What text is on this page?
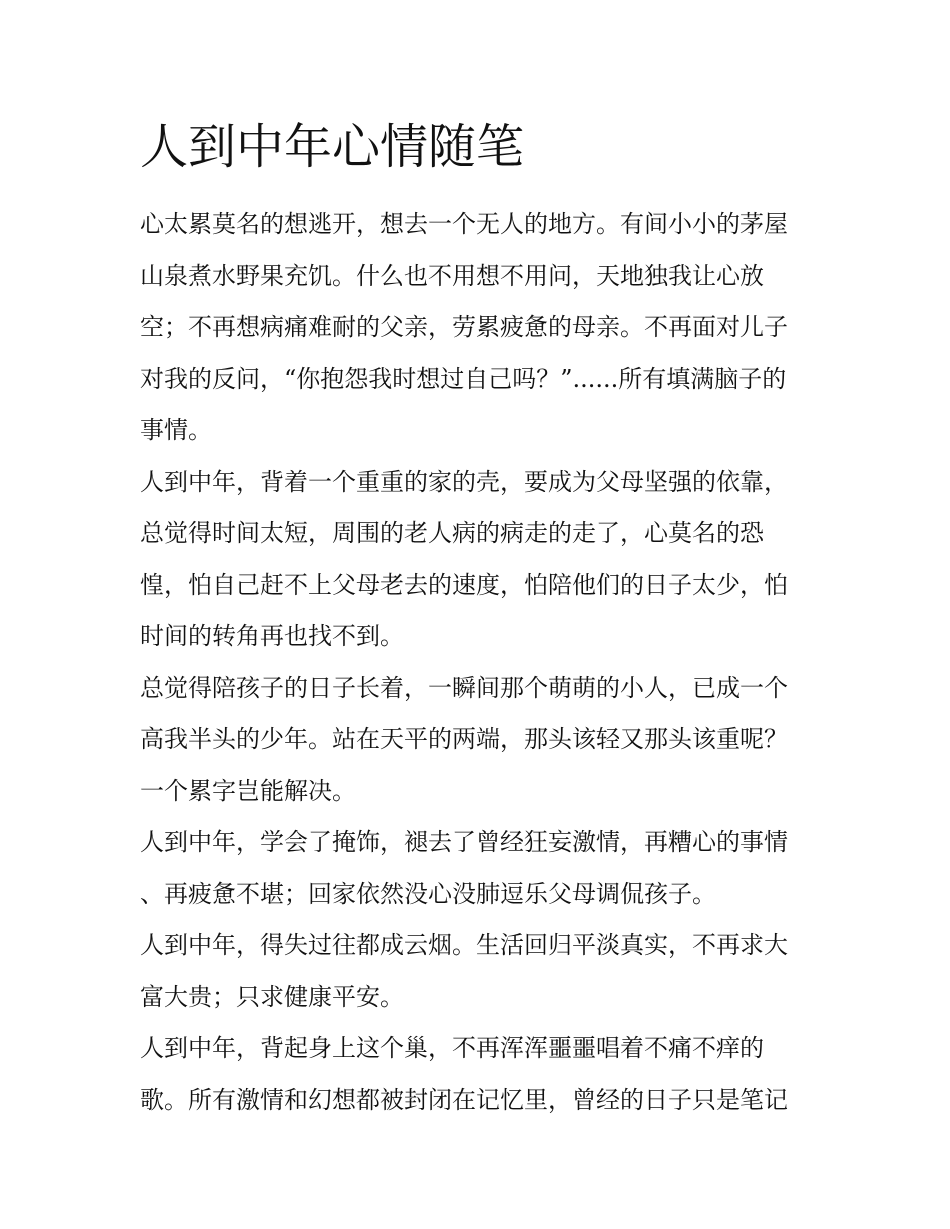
人到中年心情随笔
心太累莫名的想逃开，想去一个无人的地方。有间小小的茅屋
山泉煮水野果充饥。什么也不用想不用问，天地独我让心放
空；不再想病痛难耐的父亲，劳累疲惫的母亲。不再面对儿子
对我的反问，“你抱怨我时想过自己吗？”......所有填满脑子的
事情。
人到中年，背着一个重重的家的壳，要成为父母坚强的依靠，
总觉得时间太短，周围的老人病的病走的走了，心莫名的恐
惶，怕自己赶不上父母老去的速度，怕陪他们的日子太少，怕
时间的转角再也找不到。
总觉得陪孩子的日子长着，一瞬间那个萌萌的小人，已成一个
高我半头的少年。站在天平的两端，那头该轻又那头该重呢？
一个累字岂能解决。
人到中年，学会了掩饰，褪去了曾经狂妄激情，再糟心的事情
、再疲惫不堪；回家依然没心没肺逗乐父母调侃孩子。
人到中年，得失过往都成云烟。生活回归平淡真实，不再求大
富大贵；只求健康平安。
人到中年，背起身上这个巢，不再浑浑噩噩唱着不痛不痒的
歌。所有激情和幻想都被封闭在记忆里，曾经的日子只是笔记
